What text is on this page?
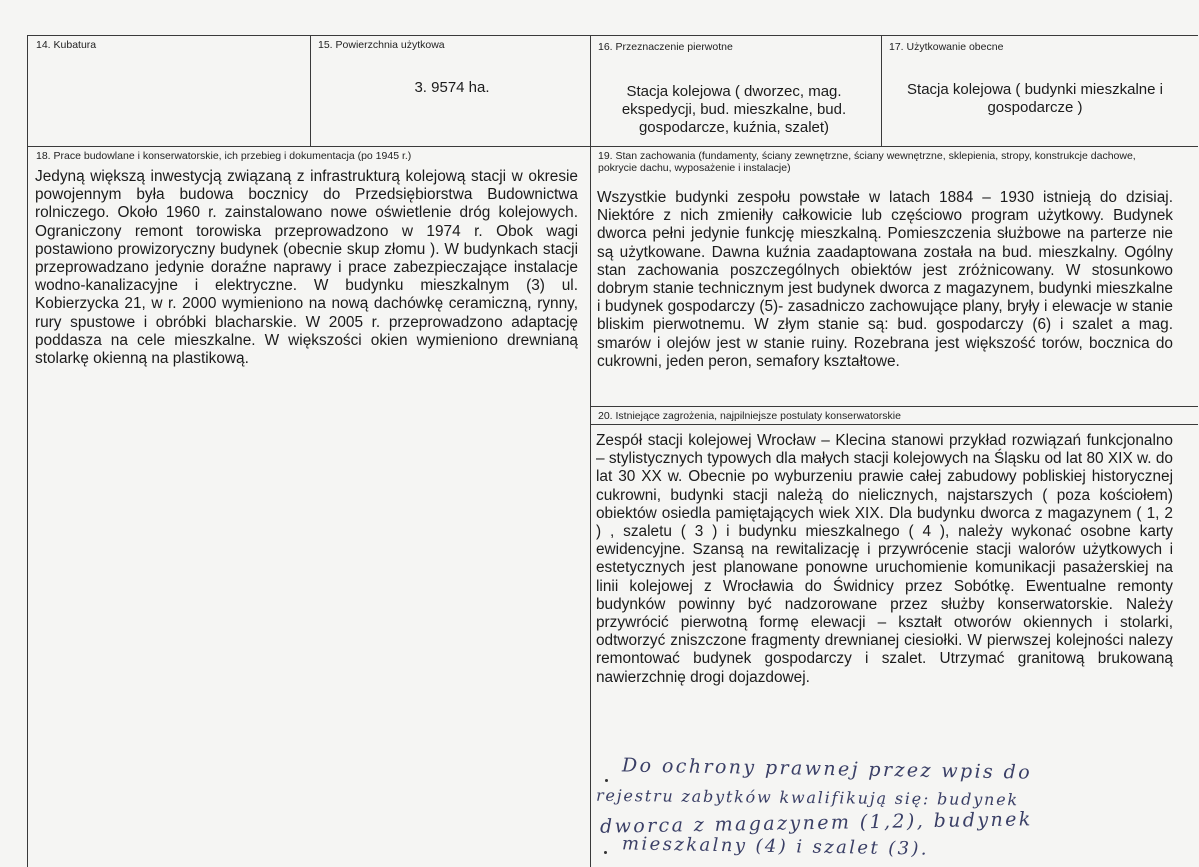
14. Kubatura	15. Powierzchnia użytkowa
3. 9574 ha.
16. Przeznaczenie pierwotne
Stacja kolejowa ( dworzec, mag. ekspedycji, bud. mieszkalne, bud. gospodarcze, kuźnia, szalet)
17. Użytkowanie obecne
Stacja kolejowa ( budynki mieszkalne i gospodarcze )
18. Prace budowlane i konserwatorskie, ich przebieg i dokumentacja (po 1945 r.)
Jedyną większą inwestycją związaną z infrastrukturą kolejową stacji w okresie powojennym była budowa bocznicy do Przedsiębiorstwa Budownictwa rolniczego. Około 1960 r. zainstalowano nowe oświetlenie dróg kolejowych. Ograniczony remont torowiska przeprowadzono w 1974 r. Obok wagi postawiono prowizoryczny budynek (obecnie skup złomu ). W budynkach stacji przeprowadzano jedynie doraźne naprawy i prace zabezpieczające instalacje wodno-kanalizacyjne i elektryczne. W budynku mieszkalnym (3) ul. Kobierzycka 21, w r. 2000 wymieniono na nową dachówkę ceramiczną, rynny, rury spustowe i obróbki blacharskie. W 2005 r. przeprowadzono adaptację poddasza na cele mieszkalne. W większości okien wymieniono drewnianą stolarkę okienną na plastikową.
19. Stan zachowania (fundamenty, ściany zewnętrzne, ściany wewnętrzne, sklepienia, stropy, konstrukcje dachowe, pokrycie dachu, wyposażenie i instalacje)
Wszystkie budynki zespołu powstałe w latach 1884 – 1930 istnieją do dzisiaj. Niektóre z nich zmieniły całkowicie lub częściowo program użytkowy. Budynek dworca pełni jedynie funkcję mieszkalną. Pomieszczenia służbowe na parterze nie są użytkowane. Dawna kuźnia zaadaptowana została na bud. mieszkalny. Ogólny stan zachowania poszczególnych obiektów jest zróżnicowany. W stosunkowo dobrym stanie technicznym jest budynek dworca z magazynem, budynki mieszkalne i budynek gospodarczy (5)- zasadniczo zachowujące plany, bryły i elewacje w stanie bliskim pierwotnemu. W złym stanie są: bud. gospodarczy (6) i szalet a mag. smarów i olejów jest w stanie ruiny. Rozebrana jest większość torów, bocznica do cukrowni, jeden peron, semafory kształtowe.
20. Istniejące zagrożenia, najpilniejsze postulaty konserwatorskie
Zespół stacji kolejowej Wrocław – Klecina stanowi przykład rozwiązań funkcjonalno – stylistycznych typowych dla małych stacji kolejowych na Śląsku od lat 80 XIX w. do lat 30 XX w. Obecnie po wyburzeniu prawie całej zabudowy pobliskiej historycznej cukrowni, budynki stacji należą do nielicznych, najstarszych ( poza kościołem) obiektów osiedla pamiętających wiek XIX. Dla budynku dworca z magazynem ( 1, 2 ) , szaletu ( 3 ) i budynku mieszkalnego ( 4 ), należy wykonać osobne karty ewidencyjne. Szansą na rewitalizację i przywrócenie stacji walorów użytkowych i estetycznych jest planowane ponowne uruchomienie komunikacji pasażerskiej na linii kolejowej z Wrocławia do Świdnicy przez Sobótkę. Ewentualne remonty budynków powinny być nadzorowane przez służby konserwatorskie. Należy przywrócić pierwotną formę elewacji – kształt otworów okiennych i stolarki, odtworzyć zniszczone fragmenty drewnianej ciesiołki. W pierwszej kolejności nalezy remontować budynek gospodarczy i szalet. Utrzymać granitową brukowaną nawierzchnię drogi dojazdowej.
Do ochrony prawnej przez wpis do
rejestru zabytków kwalifikują się: budynek
dworca z magazynem (1,2), budynek
mieszkalny (4) i szalet (3).
